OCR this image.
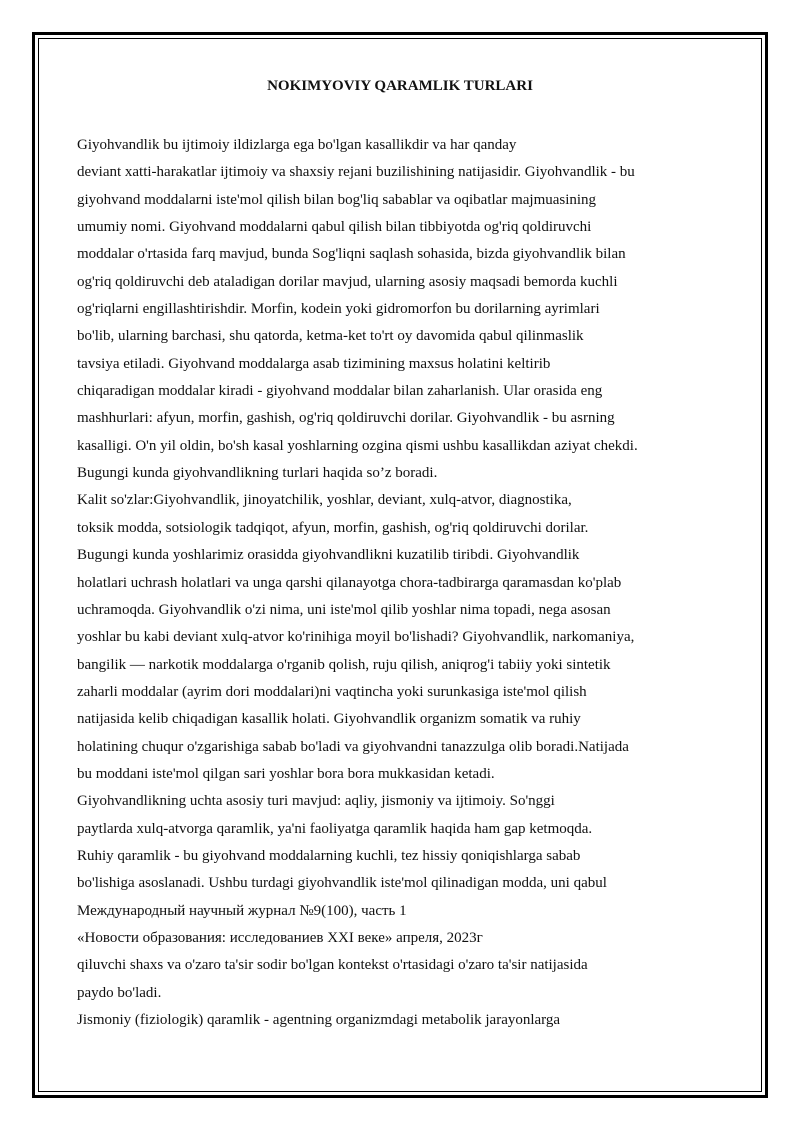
NOKIMYOVIY QARAMLIK TURLARI
Giyohvandlik bu ijtimoiy ildizlarga ega bo'lgan kasallikdir va har qanday
deviant xatti-harakatlar ijtimoiy va shaxsiy rejani buzilishining natijasidir. Giyohvandlik - bu
giyohvand moddalarni iste'mol qilish bilan bog'liq sabablar va oqibatlar majmuasining
umumiy nomi. Giyohvand moddalarni qabul qilish bilan tibbiyotda og'riq qoldiruvchi
moddalar o'rtasida farq mavjud, bunda Sog'liqni saqlash sohasida, bizda giyohvandlik bilan
og'riq qoldiruvchi deb ataladigan dorilar mavjud, ularning asosiy maqsadi bemorda kuchli
og'riqlarni engillashtirishdir. Morfin, kodein yoki gidromorfon bu dorilarning ayrimlari
bo'lib, ularning barchasi, shu qatorda, ketma-ket to'rt oy davomida qabul qilinmaslik
tavsiya etiladi. Giyohvand moddalarga asab tizimining maxsus holatini keltirib
chiqaradigan moddalar kiradi - giyohvand moddalar bilan zaharlanish. Ular orasida eng
mashhurlari: afyun, morfin, gashish, og'riq qoldiruvchi dorilar. Giyohvandlik - bu asrning
kasalligi. O'n yil oldin, bo'sh kasal yoshlarning ozgina qismi ushbu kasallikdan aziyat chekdi.
Bugungi kunda giyohvandlikning turlari haqida so’z boradi.
Kalit so'zlar:Giyohvandlik, jinoyatchilik, yoshlar, deviant, xulq-atvor, diagnostika,
toksik modda, sotsiologik tadqiqot, afyun, morfin, gashish, og'riq qoldiruvchi dorilar.
Bugungi kunda yoshlarimiz orasidda giyohvandlikni kuzatilib tiribdi. Giyohvandlik
holatlari uchrash holatlari va unga qarshi qilanayotga chora-tadbirarga qaramasdan ko'plab
uchramoqda. Giyohvandlik o'zi nima, uni iste'mol qilib yoshlar nima topadi, nega asosan
yoshlar bu kabi deviant xulq-atvor ko'rinihiga moyil bo'lishadi? Giyohvandlik, narkomaniya,
bangilik — narkotik moddalarga o'rganib qolish, ruju qilish, aniqrog'i tabiiy yoki sintetik
zaharli moddalar (ayrim dori moddalari)ni vaqtincha yoki surunkasiga iste'mol qilish
natijasida kelib chiqadigan kasallik holati. Giyohvandlik organizm somatik va ruhiy
holatining chuqur o'zgarishiga sabab bo'ladi va giyohvandni tanazzulga olib boradi.Natijada
bu moddani iste'mol qilgan sari yoshlar bora bora mukkasidan ketadi.
Giyohvandlikning uchta asosiy turi mavjud: aqliy, jismoniy va ijtimoiy. So'nggi
paytlarda xulq-atvorga qaramlik, ya'ni faoliyatga qaramlik haqida ham gap ketmoqda.
Ruhiy qaramlik - bu giyohvand moddalarning kuchli, tez hissiy qoniqishlarga sabab
bo'lishiga asoslanadi. Ushbu turdagi giyohvandlik iste'mol qilinadigan modda, uni qabul
Международный научный журнал №9(100), часть 1
«Новости образования: исследованиев XXI веке» апреля, 2023г
qiluvchi shaxs va o'zaro ta'sir sodir bo'lgan kontekst o'rtasidagi o'zaro ta'sir natijasida
paydo bo'ladi.
Jismoniy (fiziologik) qaramlik - agentning organizmdagi metabolik jarayonlarga
